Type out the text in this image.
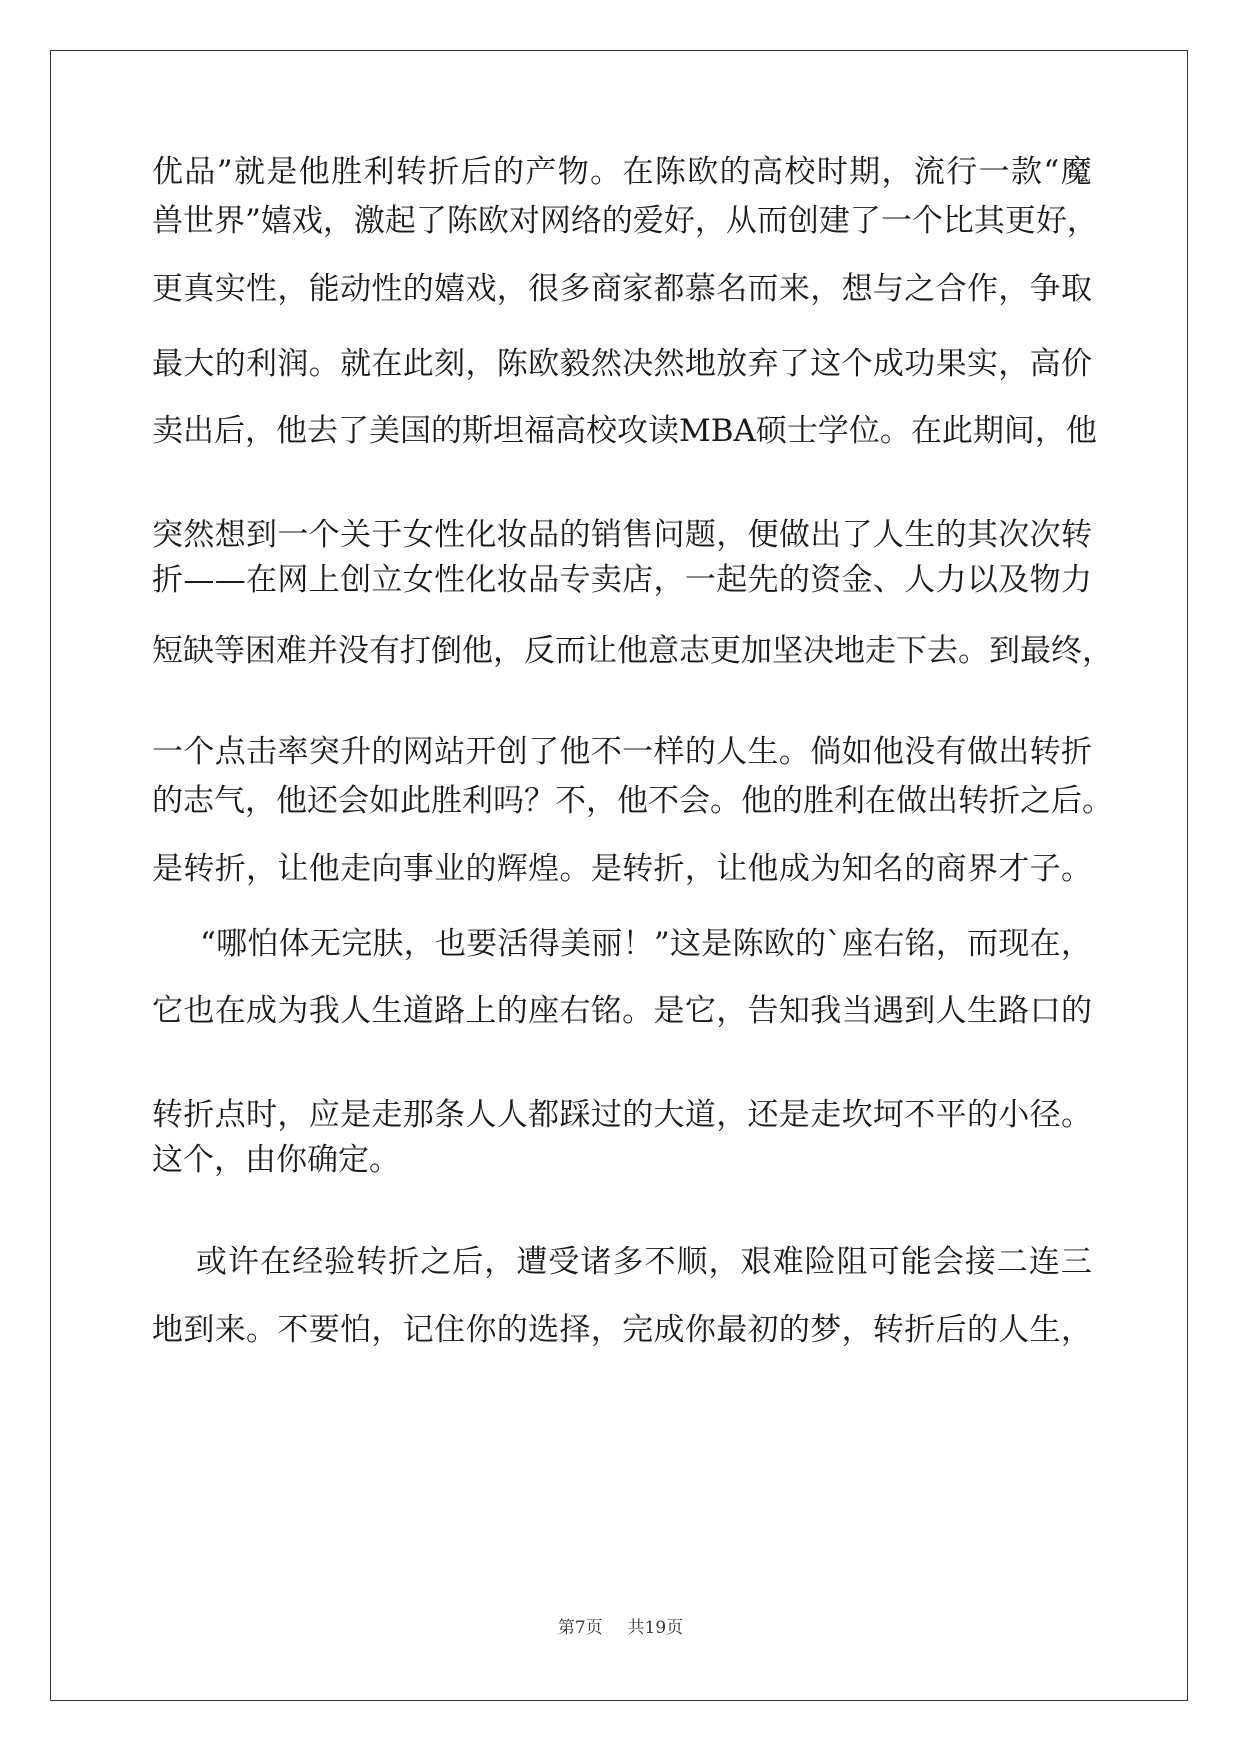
优 品 ” 就 是 他 胜 利 转 折 后 的 产 物 。 在 陈 欧 的 高 校 时 期 ， 流 行 一 款 “ 魔
兽 世 界 ” 嬉 戏 ， 激 起 了 陈 欧 对 网 络 的 爱 好 ， 从 而 创 建 了 一 个 比 其 更 好 ，
更 真 实 性 ， 能 动 性 的 嬉 戏 ， 很 多 商 家 都 慕 名 而 来 ， 想 与 之 合 作 ， 争 取
最 大 的 利 润 。 就 在 此 刻 ， 陈 欧 毅 然 决 然 地 放 弃 了 这 个 成 功 果 实 ， 高 价
卖 出 后 ， 他 去 了 美 国 的 斯 坦 福 高 校 攻 读 MBA 硕 士 学 位 。 在 此 期 间 ， 他
突 然 想 到 一 个 关 于 女 性 化 妆 品 的 销 售 问 题 ， 便 做 出 了 人 生 的 其 次 次 转
折 — — 在 网 上 创 立 女 性 化 妆 品 专 卖 店 ， 一 起 先 的 资 金 、 人 力 以 及 物 力
短 缺 等 困 难 并 没 有 打 倒 他 ， 反 而 让 他 意 志 更 加 坚 决 地 走 下 去 。 到 最 终 ，
一 个 点 击 率 突 升 的 网 站 开 创 了 他 不 一 样 的 人 生 。 倘 如 他 没 有 做 出 转 折
的 志 气 ， 他 还 会 如 此 胜 利 吗 ？ 不 ， 他 不 会 。 他 的 胜 利 在 做 出 转 折 之 后 。
是 转 折 ， 让 他 走 向 事 业 的 辉 煌 。 是 转 折 ， 让 他 成 为 知 名 的 商 界 才 子 。
“ 哪 怕 体 无 完 肤 ， 也 要 活 得 美 丽 ！ ” 这 是 陈 欧 的 ` 座 右 铭 ， 而 现 在 ，
它 也 在 成 为 我 人 生 道 路 上 的 座 右 铭 。 是 它 ， 告 知 我 当 遇 到 人 生 路 口 的
转 折 点 时 ， 应 是 走 那 条 人 人 都 踩 过 的 大 道 ， 还 是 走 坎 坷 不 平 的 小 径 。
这个，由你确定。
或 许 在 经 验 转 折 之 后 ， 遭 受 诸 多 不 顺 ， 艰 难 险 阻 可 能 会 接 二 连 三
地 到 来 。 不 要 怕 ， 记 住 你 的 选 择 ， 完 成 你 最 初 的 梦 ， 转 折 后 的 人 生 ，
第7页 共19页
